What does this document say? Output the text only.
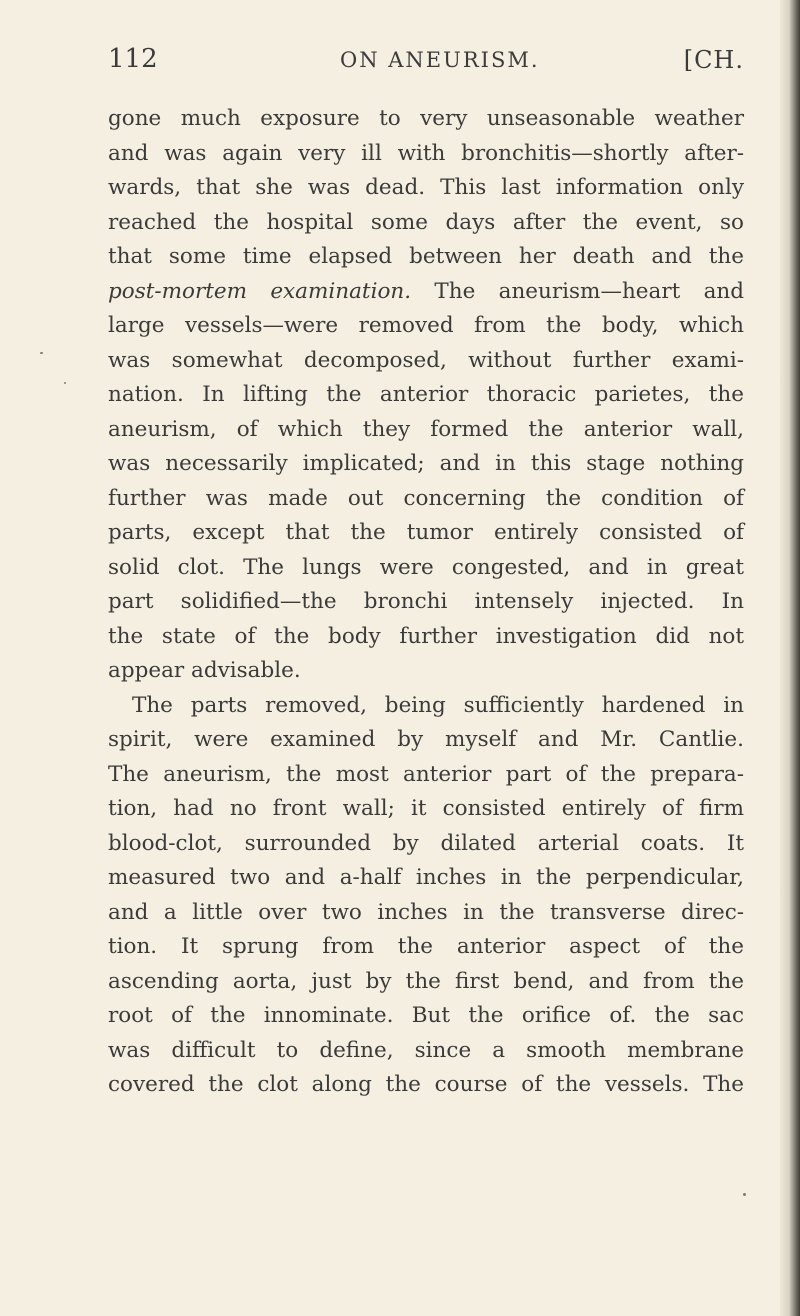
112	ON ANEURISM.	[CH.
gone much exposure to very unseasonable weather
and was again very ill with bronchitis—shortly after-
wards, that she was dead. This last information only
reached the hospital some days after the event, so
that some time elapsed between her death and the
post-mortem examination. The aneurism—heart and
large vessels—were removed from the body, which
was somewhat decomposed, without further exami-
nation. In lifting the anterior thoracic parietes, the
aneurism, of which they formed the anterior wall,
was necessarily implicated; and in this stage nothing
further was made out concerning the condition of
parts, except that the tumor entirely consisted of
solid clot. The lungs were congested, and in great
part solidified—the bronchi intensely injected. In
the state of the body further investigation did not
appear advisable.
The parts removed, being sufficiently hardened in
spirit, were examined by myself and Mr. Cantlie.
The aneurism, the most anterior part of the prepara-
tion, had no front wall; it consisted entirely of firm
blood-clot, surrounded by dilated arterial coats. It
measured two and a-half inches in the perpendicular,
and a little over two inches in the transverse direc-
tion. It sprung from the anterior aspect of the
ascending aorta, just by the first bend, and from the
root of the innominate. But the orifice of. the sac
was difficult to define, since a smooth membrane
covered the clot along the course of the vessels. The
